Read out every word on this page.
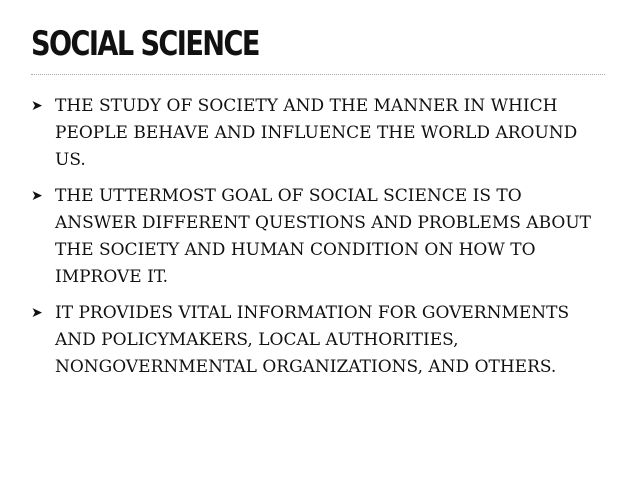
SOCIAL SCIENCE
➤ THE STUDY OF SOCIETY AND THE MANNER IN WHICH PEOPLE BEHAVE AND INFLUENCE THE WORLD AROUND US.
➤ THE UTTERMOST GOAL OF SOCIAL SCIENCE IS TO ANSWER DIFFERENT QUESTIONS AND PROBLEMS ABOUT THE SOCIETY AND HUMAN CONDITION ON HOW TO IMPROVE IT.
➤ IT PROVIDES VITAL INFORMATION FOR GOVERNMENTS AND POLICYMAKERS, LOCAL AUTHORITIES, NONGOVERNMENTAL ORGANIZATIONS, AND OTHERS.
